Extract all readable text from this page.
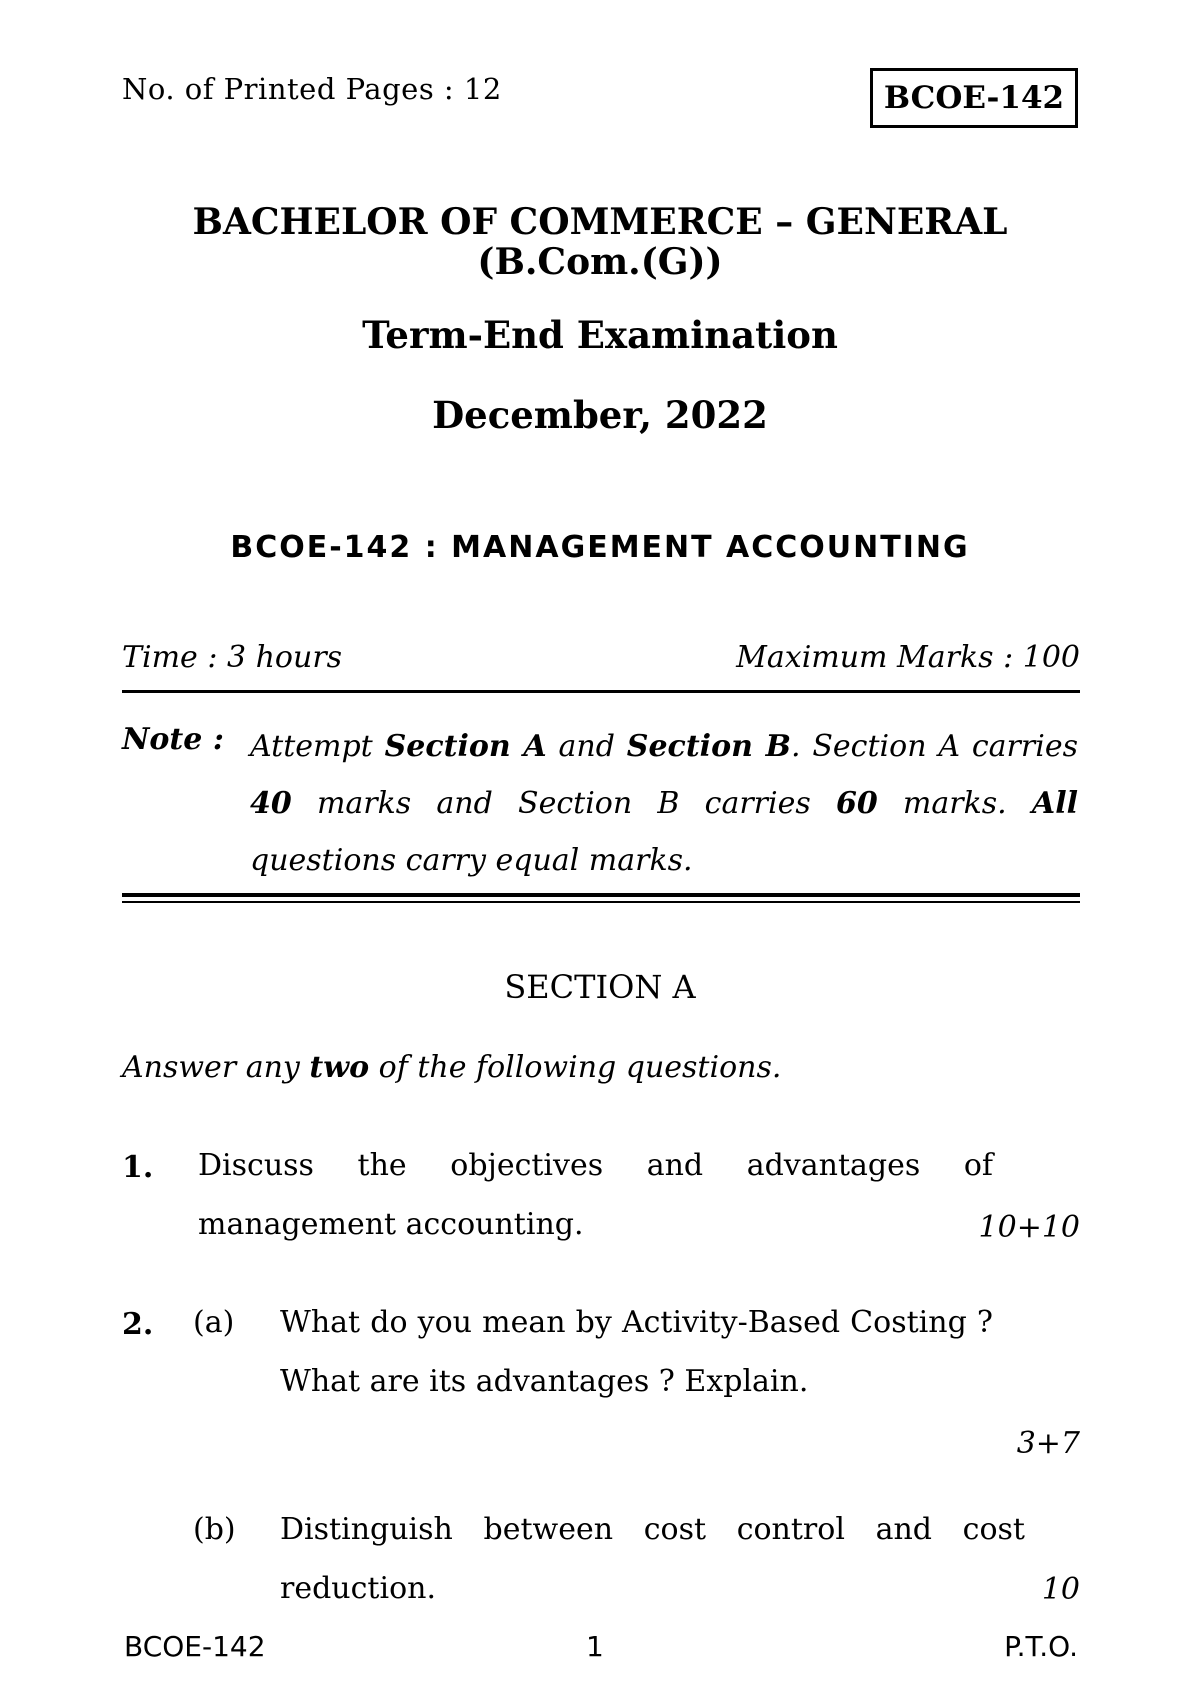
No. of Printed Pages : 12	BCOE-142
BACHELOR OF COMMERCE – GENERAL
(B.Com.(G))
Term-End Examination
December, 2022
BCOE-142 : MANAGEMENT ACCOUNTING
Time : 3 hours	Maximum Marks : 100
Note : Attempt Section A and Section B. Section A carries 40 marks and Section B carries 60 marks. All questions carry equal marks.
SECTION A
Answer any two of the following questions.
1. Discuss the objectives and advantages of management accounting.	10+10
2. (a) What do you mean by Activity-Based Costing ? What are its advantages ? Explain.
3+7
(b) Distinguish between cost control and cost reduction.	10
BCOE-142	1	P.T.O.
